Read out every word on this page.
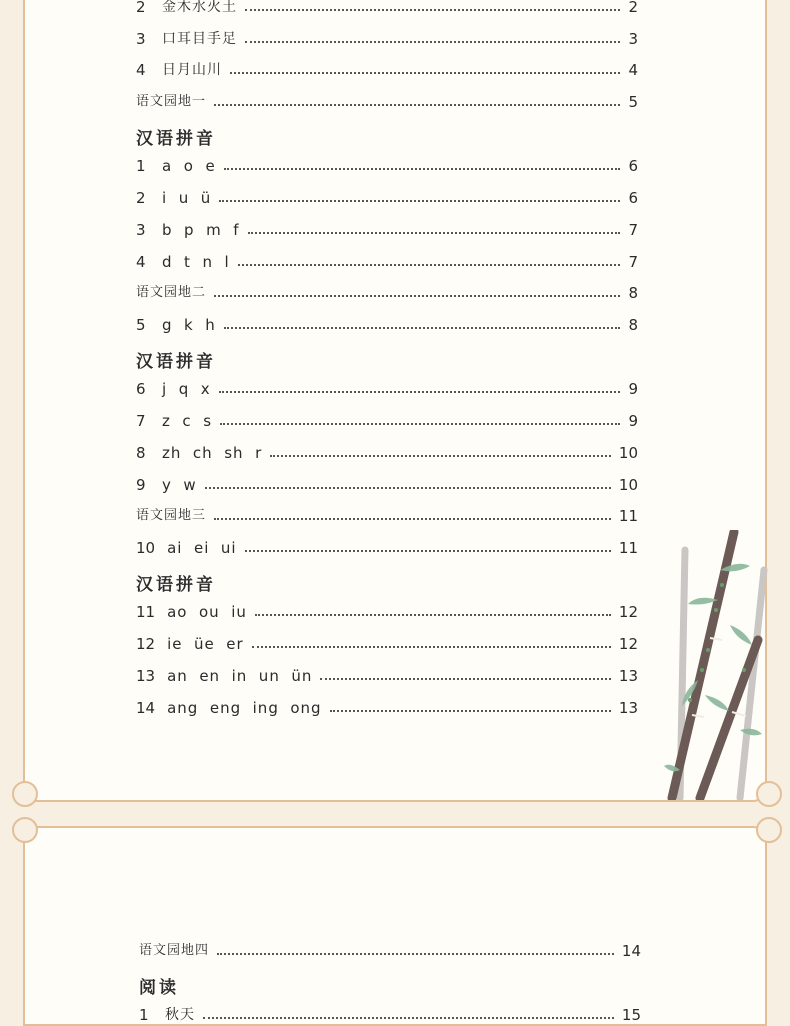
2	金木水火土	2
3	口耳目手足	3
4	日月山川	4
语文园地一	5
汉语拼音
1 a  o  e	6
2 i  u  ü	6
3 b  p  m  f	7
4 d  t  n  l	7
语文园地二	8
5 g  k  h	8
汉语拼音
6 j  q  x	9
7 z  c  s	9
8 zh  ch  sh  r	10
9 y  w	10
语文园地三	11
10 ai  ei  ui	11
汉语拼音
11 ao  ou  iu	12
12 ie  üe  er	12
13 an  en  in  un  ün	13
14 ang  eng  ing  ong	13
语文园地四	14
阅读
1	秋天	15
